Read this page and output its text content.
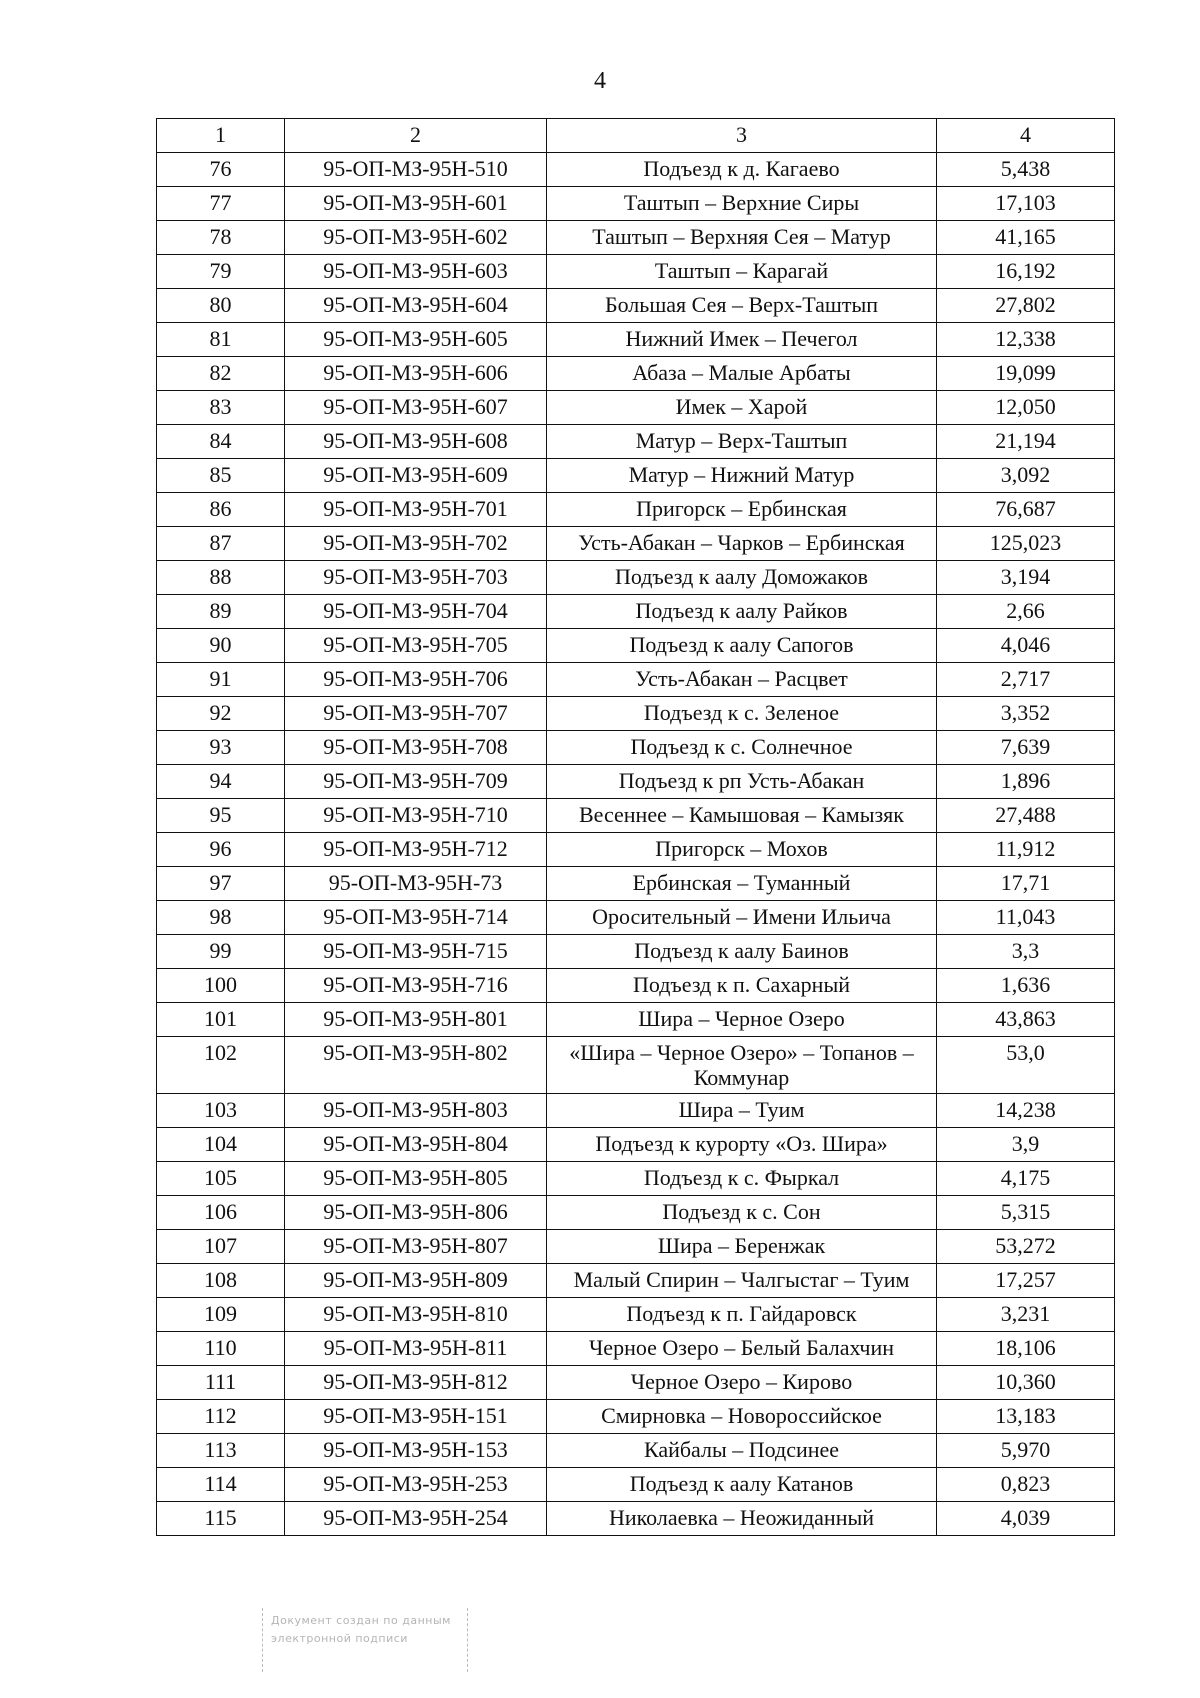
4
1	2	3	4
76	95-ОП-МЗ-95Н-510	Подъезд к д. Кагаево	5,438
77	95-ОП-МЗ-95Н-601	Таштып – Верхние Сиры	17,103
78	95-ОП-МЗ-95Н-602	Таштып – Верхняя Сея – Матур	41,165
79	95-ОП-МЗ-95Н-603	Таштып – Карагай	16,192
80	95-ОП-МЗ-95Н-604	Большая Сея – Верх-Таштып	27,802
81	95-ОП-МЗ-95Н-605	Нижний Имек – Печегол	12,338
82	95-ОП-МЗ-95Н-606	Абаза – Малые Арбаты	19,099
83	95-ОП-МЗ-95Н-607	Имек – Харой	12,050
84	95-ОП-МЗ-95Н-608	Матур – Верх-Таштып	21,194
85	95-ОП-МЗ-95Н-609	Матур – Нижний Матур	3,092
86	95-ОП-МЗ-95Н-701	Пригорск – Ербинская	76,687
87	95-ОП-МЗ-95Н-702	Усть-Абакан – Чарков – Ербинская	125,023
88	95-ОП-МЗ-95Н-703	Подъезд к аалу Доможаков	3,194
89	95-ОП-МЗ-95Н-704	Подъезд к аалу Райков	2,66
90	95-ОП-МЗ-95Н-705	Подъезд к аалу Сапогов	4,046
91	95-ОП-МЗ-95Н-706	Усть-Абакан – Расцвет	2,717
92	95-ОП-МЗ-95Н-707	Подъезд к с. Зеленое	3,352
93	95-ОП-МЗ-95Н-708	Подъезд к с. Солнечное	7,639
94	95-ОП-МЗ-95Н-709	Подъезд к рп Усть-Абакан	1,896
95	95-ОП-МЗ-95Н-710	Весеннее – Камышовая – Камызяк	27,488
96	95-ОП-МЗ-95Н-712	Пригорск – Мохов	11,912
97	95-ОП-МЗ-95Н-73	Ербинская – Туманный	17,71
98	95-ОП-МЗ-95Н-714	Оросительный – Имени Ильича	11,043
99	95-ОП-МЗ-95Н-715	Подъезд к аалу Баинов	3,3
100	95-ОП-МЗ-95Н-716	Подъезд к п. Сахарный	1,636
101	95-ОП-МЗ-95Н-801	Шира – Черное Озеро	43,863
102	95-ОП-МЗ-95Н-802	«Шира – Черное Озеро» – Топанов – Коммунар	53,0
103	95-ОП-МЗ-95Н-803	Шира – Туим	14,238
104	95-ОП-МЗ-95Н-804	Подъезд к курорту «Оз. Шира»	3,9
105	95-ОП-МЗ-95Н-805	Подъезд к с. Фыркал	4,175
106	95-ОП-МЗ-95Н-806	Подъезд к с. Сон	5,315
107	95-ОП-МЗ-95Н-807	Шира – Беренжак	53,272
108	95-ОП-МЗ-95Н-809	Малый Спирин – Чалгыстаг – Туим	17,257
109	95-ОП-МЗ-95Н-810	Подъезд к п. Гайдаровск	3,231
110	95-ОП-МЗ-95Н-811	Черное Озеро – Белый Балахчин	18,106
111	95-ОП-МЗ-95Н-812	Черное Озеро – Кирово	10,360
112	95-ОП-МЗ-95Н-151	Смирновка – Новороссийское	13,183
113	95-ОП-МЗ-95Н-153	Кайбалы – Подсинее	5,970
114	95-ОП-МЗ-95Н-253	Подъезд к аалу Катанов	0,823
115	95-ОП-МЗ-95Н-254	Николаевка – Неожиданный	4,039
Документ создан по данным
электронной подписи
